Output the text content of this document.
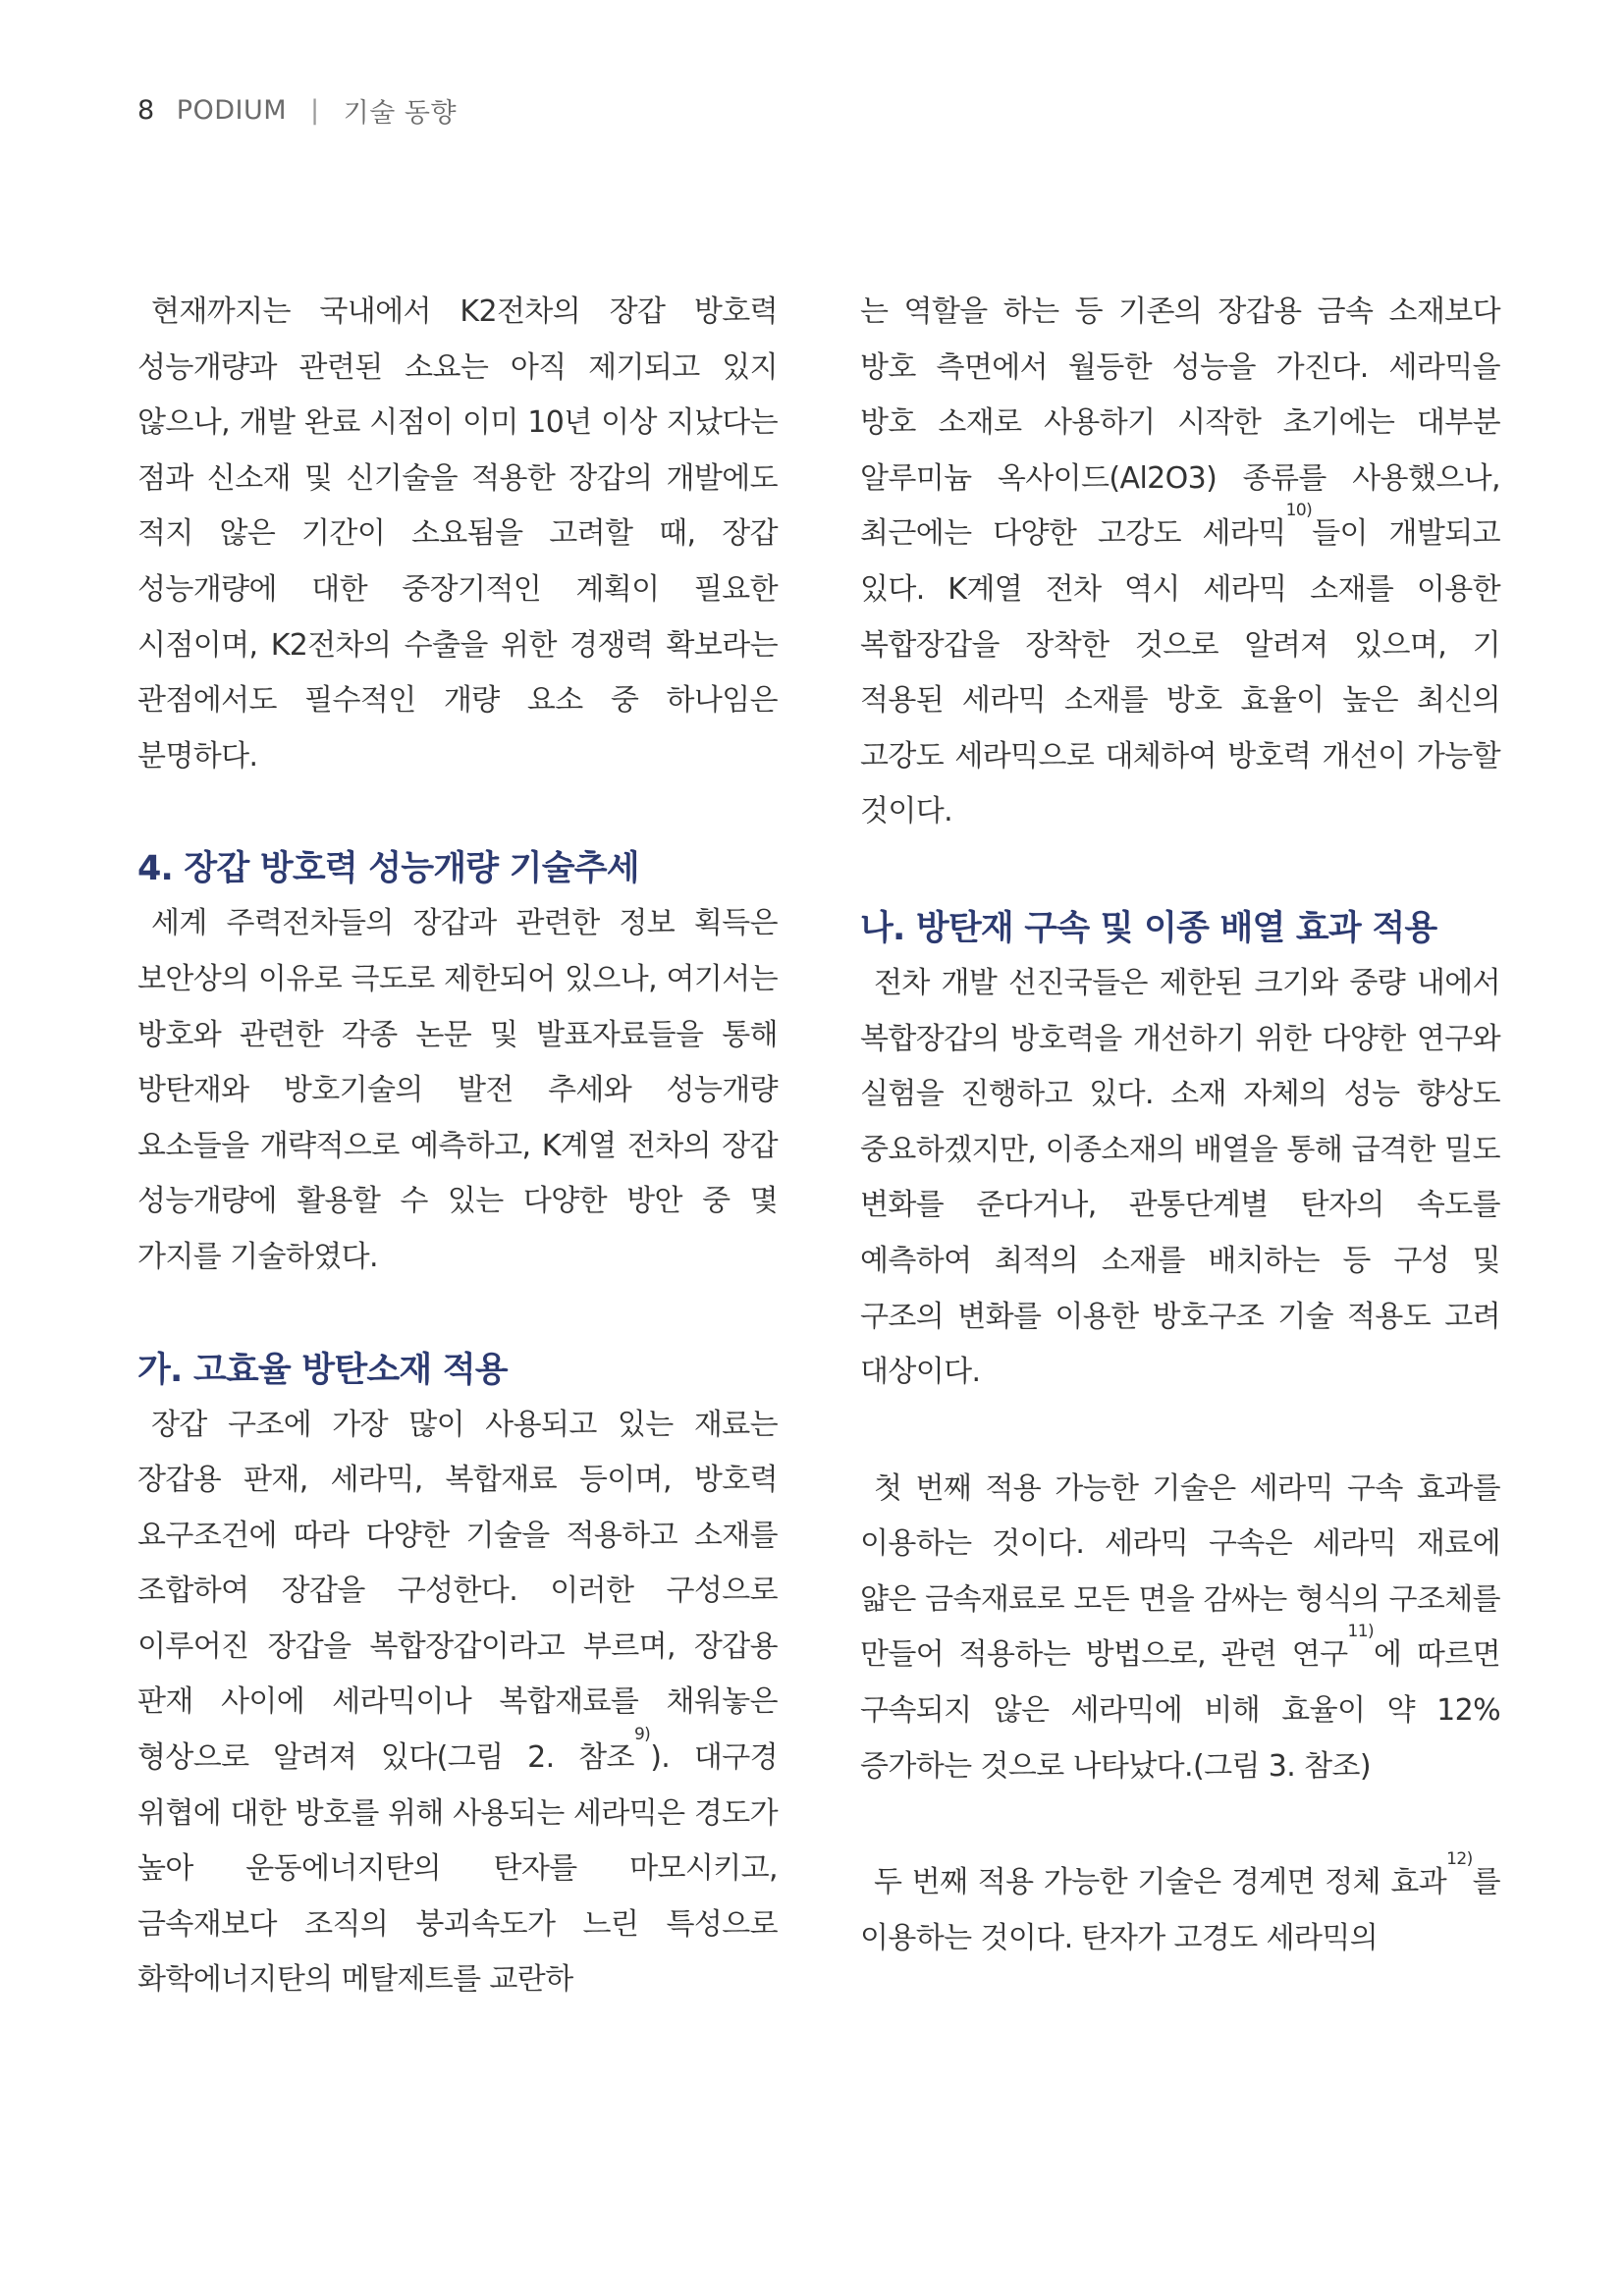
8 PODIUM | 기술 동향

현재까지는 국내에서 K2전차의 장갑 방호력 성능개량과 관련된 소요는 아직 제기되고 있지 않으나, 개발 완료 시점이 이미 10년 이상 지났다는 점과 신소재 및 신기술을 적용한 장갑의 개발에도 적지 않은 기간이 소요됨을 고려할 때, 장갑 성능개량에 대한 중장기적인 계획이 필요한 시점이며, K2전차의 수출을 위한 경쟁력 확보라는 관점에서도 필수적인 개량 요소 중 하나임은 분명하다.

4. 장갑 방호력 성능개량 기술추세

세계 주력전차들의 장갑과 관련한 정보 획득은 보안상의 이유로 극도로 제한되어 있으나, 여기서는 방호와 관련한 각종 논문 및 발표자료들을 통해 방탄재와 방호기술의 발전 추세와 성능개량 요소들을 개략적으로 예측하고, K계열 전차의 장갑 성능개량에 활용할 수 있는 다양한 방안 중 몇 가지를 기술하였다.

가. 고효율 방탄소재 적용

장갑 구조에 가장 많이 사용되고 있는 재료는 장갑용 판재, 세라믹, 복합재료 등이며, 방호력 요구조건에 따라 다양한 기술을 적용하고 소재를 조합하여 장갑을 구성한다. 이러한 구성으로 이루어진 장갑을 복합장갑이라고 부르며, 장갑용 판재 사이에 세라믹이나 복합재료를 채워놓은 형상으로 알려져 있다(그림 2. 참조$^{9)}$). 대구경 위협에 대한 방호를 위해 사용되는 세라믹은 경도가 높아 운동에너지탄의 탄자를 마모시키고, 금속재보다 조직의 붕괴속도가 느린 특성으로 화학에너지탄의 메탈제트를 교란하

는 역할을 하는 등 기존의 장갑용 금속 소재보다 방호 측면에서 월등한 성능을 가진다. 세라믹을 방호 소재로 사용하기 시작한 초기에는 대부분 알루미늄 옥사이드(Al2O3) 종류를 사용했으나, 최근에는 다양한 고강도 세라믹$^{10)}$들이 개발되고 있다. K계열 전차 역시 세라믹 소재를 이용한 복합장갑을 장착한 것으로 알려져 있으며, 기 적용된 세라믹 소재를 방호 효율이 높은 최신의 고강도 세라믹으로 대체하여 방호력 개선이 가능할 것이다.

나. 방탄재 구속 및 이종 배열 효과 적용

전차 개발 선진국들은 제한된 크기와 중량 내에서 복합장갑의 방호력을 개선하기 위한 다양한 연구와 실험을 진행하고 있다. 소재 자체의 성능 향상도 중요하겠지만, 이종소재의 배열을 통해 급격한 밀도 변화를 준다거나, 관통단계별 탄자의 속도를 예측하여 최적의 소재를 배치하는 등 구성 및 구조의 변화를 이용한 방호구조 기술 적용도 고려 대상이다.

첫 번째 적용 가능한 기술은 세라믹 구속 효과를 이용하는 것이다. 세라믹 구속은 세라믹 재료에 얇은 금속재료로 모든 면을 감싸는 형식의 구조체를 만들어 적용하는 방법으로, 관련 연구$^{11)}$에 따르면 구속되지 않은 세라믹에 비해 효율이 약 12% 증가하는 것으로 나타났다.(그림 3. 참조)

두 번째 적용 가능한 기술은 경계면 정체 효과$^{12)}$를 이용하는 것이다. 탄자가 고경도 세라믹의
